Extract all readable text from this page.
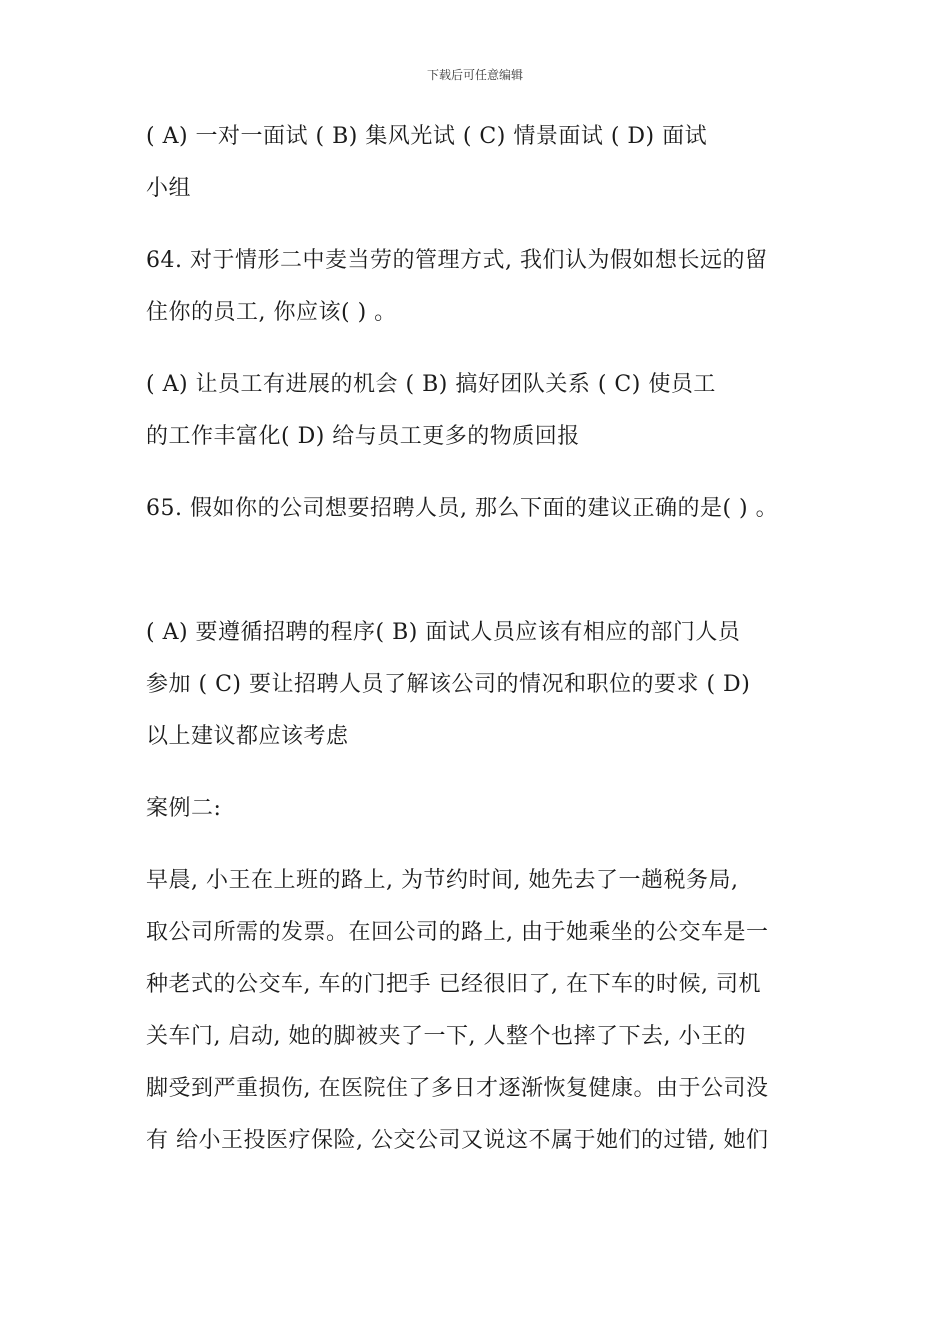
下载后可任意编辑
( A) 一对一面试 ( B) 集风光试 ( C) 情景面试 ( D) 面试
小组
64. 对于情形二中麦当劳的管理方式, 我们认为假如想长远的留
住你的员工, 你应该( ) 。
( A) 让员工有进展的机会 ( B) 搞好团队关系 ( C) 使员工
的工作丰富化( D) 给与员工更多的物质回报
65. 假如你的公司想要招聘人员, 那么下面的建议正确的是( ) 。
( A) 要遵循招聘的程序( B) 面试人员应该有相应的部门人员
参加 ( C) 要让招聘人员了解该公司的情况和职位的要求 ( D)
以上建议都应该考虑
案例二:
早晨, 小王在上班的路上, 为节约时间, 她先去了一趟税务局,
取公司所需的发票。在回公司的路上, 由于她乘坐的公交车是一
种老式的公交车, 车的门把手 已经很旧了, 在下车的时候, 司机
关车门, 启动, 她的脚被夹了一下, 人整个也摔了下去, 小王的
脚受到严重损伤, 在医院住了多日才逐渐恢复健康。由于公司没
有 给小王投医疗保险, 公交公司又说这不属于她们的过错, 她们
